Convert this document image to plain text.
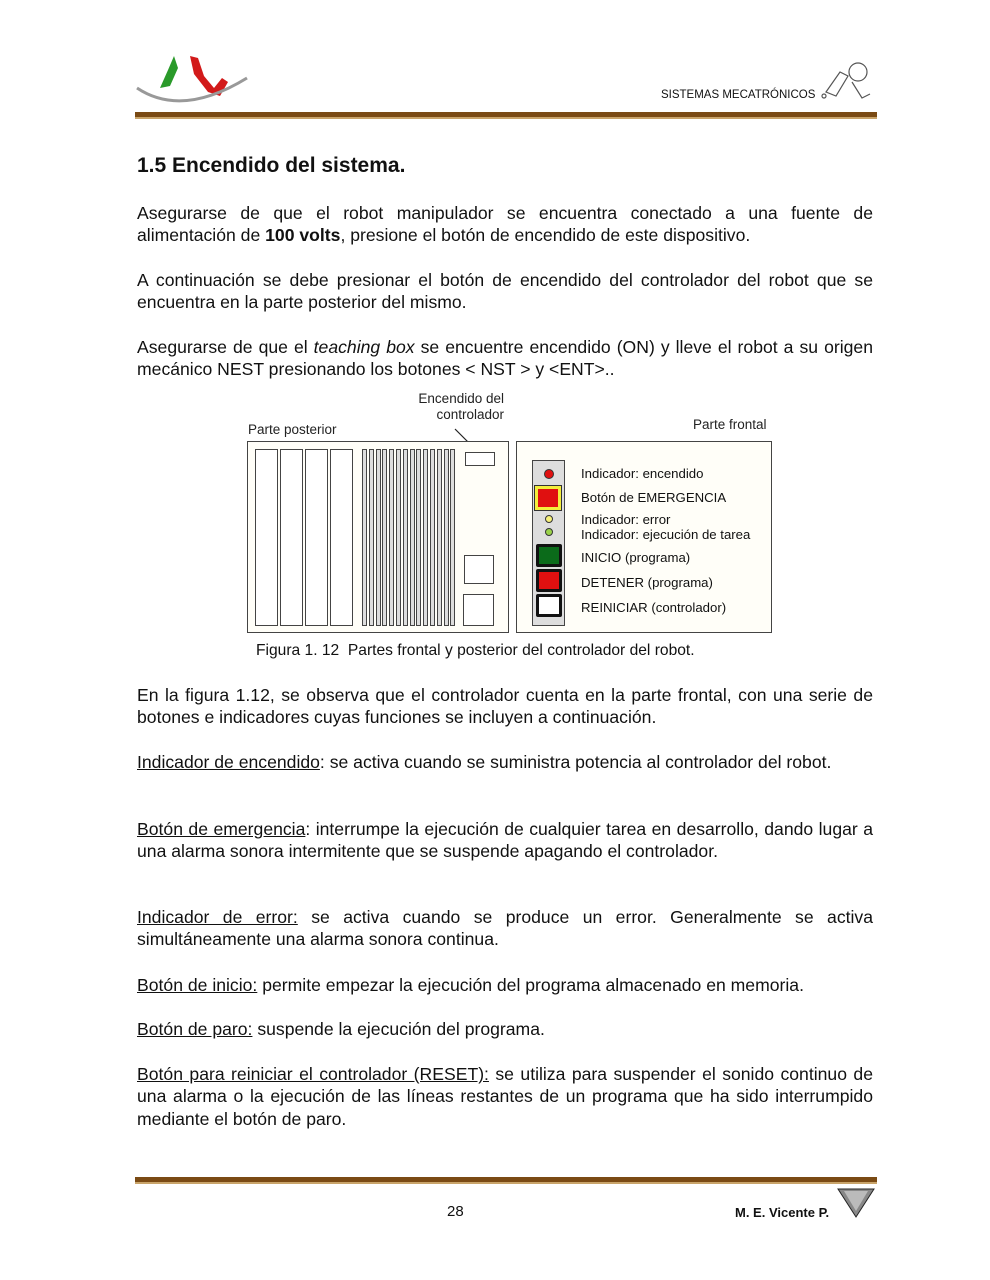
SISTEMAS MECATRÓNICOS
1.5 Encendido del sistema.
Asegurarse de que el robot manipulador se encuentra conectado a una fuente de alimentación de 100 volts, presione el botón de encendido de este dispositivo.
A continuación se debe presionar el botón de encendido del controlador del robot que se encuentra en la parte posterior del mismo.
Asegurarse de que el teaching box se encuentre encendido (ON) y lleve el robot a su origen mecánico NEST presionando los botones < NST > y <ENT>..
Encendido del controlador
Parte posterior	Parte frontal
Indicador: encendido
Botón de EMERGENCIA
Indicador: error
Indicador: ejecución de tarea
INICIO (programa)
DETENER (programa)
REINICIAR (controlador)
Figura 1. 12  Partes frontal y posterior del controlador del robot.
En la figura 1.12, se observa que el controlador cuenta en la parte frontal, con una serie de botones e indicadores cuyas funciones se incluyen a continuación.
Indicador de encendido: se activa cuando se suministra potencia al controlador del robot.
Botón de emergencia: interrumpe la ejecución de cualquier tarea en desarrollo, dando lugar a una alarma sonora intermitente que se suspende apagando el controlador.
Indicador de error: se activa cuando se produce un error. Generalmente se activa simultáneamente una alarma sonora continua.
Botón de inicio: permite empezar la ejecución del programa almacenado en memoria.
Botón de paro: suspende la ejecución del programa.
Botón para reiniciar el controlador (RESET): se utiliza para suspender el sonido continuo de una alarma o la ejecución de las líneas restantes de un programa que ha sido interrumpido mediante el botón de paro.
28	M. E. Vicente P.
